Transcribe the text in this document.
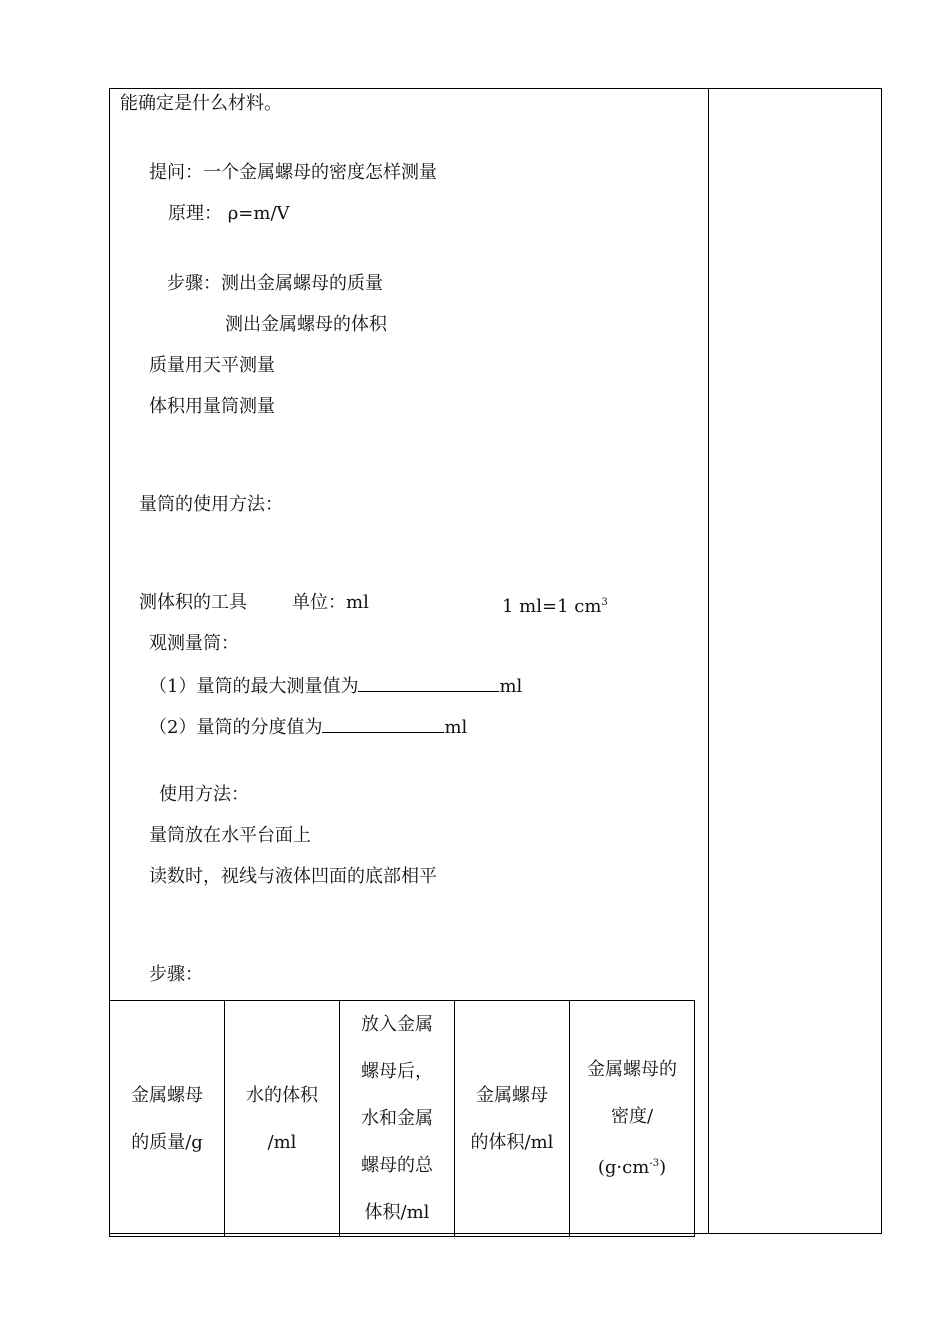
能确定是什么材料。
提问：一个金属螺母的密度怎样测量
原理： ρ=m/V
步骤：测出金属螺母的质量
测出金属螺母的体积
质量用天平测量
体积用量筒测量
量筒的使用方法：
测体积的工具	单位：ml	1 ml=1 $cm^3$
观测量筒：
（1）量筒的最大测量值为	ml
（2）量筒的分度值为	ml
使用方法：
量筒放在水平台面上
读数时，视线与液体凹面的底部相平
步骤：
金属螺母
的质量/g

水的体积
/ml

放入金属
螺母后，
水和金属
螺母的总
体积/ml

金属螺母
的体积/ml

金属螺母的
密度/
$(g\cdot cm^{-3})$
